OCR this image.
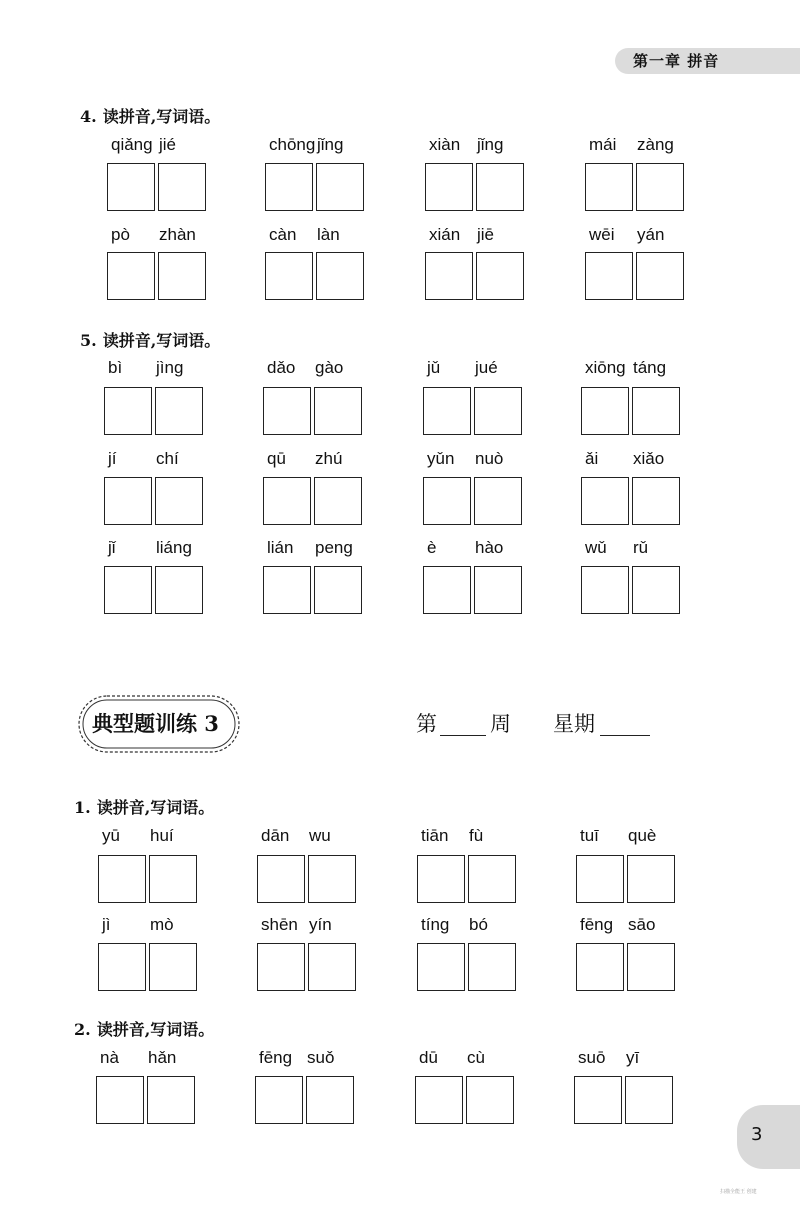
第一章 拼音
4. 读拼音,写词语。
5. 读拼音,写词语。
典型题训练 3	第	周 星期
1. 读拼音,写词语。
2. 读拼音,写词语。
qiǎng jié	chōng jǐng	xiàn jǐng	mái zàng
pò zhàn	càn làn	xián jiē	wēi yán
bì jìng	dǎo gào	jǔ jué	xiōng táng
jí chí	qū zhú	yǔn nuò	ǎi xiǎo
jǐ liáng	lián peng	è hào	wǔ rǔ
yū huí	dān wu	tiān fù	tuī què
jì mò	shēn yín	tíng bó	fēng sāo
nà hǎn	fēng suǒ	dū cù	suō yī
3
扫描全能王 创建
